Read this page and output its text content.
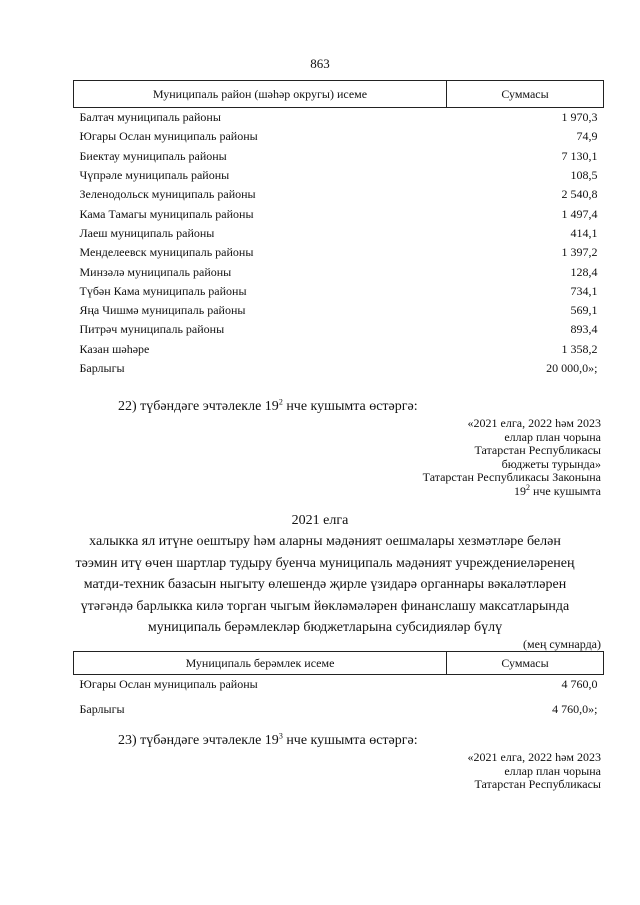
863
Муниципаль район (шәһәр округы) исеме	Суммасы
Балтач муниципаль районы	1 970,3
Югары Ослан муниципаль районы	74,9
Биектау муниципаль районы	7 130,1
Чүпрәле муниципаль районы	108,5
Зеленодольск муниципаль районы	2 540,8
Кама Тамагы муниципаль районы	1 497,4
Лаеш муниципаль районы	414,1
Менделеевск муниципаль районы	1 397,2
Минзәлә муниципаль районы	128,4
Түбән Кама муниципаль районы	734,1
Яңа Чишмә муниципаль районы	569,1
Питрәч муниципаль районы	893,4
Казан шәһәре	1 358,2
Барлыгы	20 000,0»;
22) түбәндәге эчтәлекле $19^2$ нче кушымта өстәргә:
«2021 елга, 2022 һәм 2023
еллар план чорына
Татарстан Республикасы
бюджеты турында»
Татарстан Республикасы Законына
$19^2$ нче кушымта
2021 елга
халыкка ял итүне оештыру һәм аларны мәдәният оешмалары хезмәтләре белән
тәэмин итү өчен шартлар тудыру буенча муниципаль мәдәният учреждениеләренең
матди-техник базасын ныгыту өлешендә җирле үзидарә органнары вәкаләтләрен
үтәгәндә барлыкка килә торган чыгым йөкләмәләрен финанслашу максатларында
муниципаль берәмлекләр бюджетларына субсидияләр бүлү
(мең сумнарда)
Муниципаль берәмлек исеме	Суммасы
Югары Ослан муниципаль районы	4 760,0
Барлыгы	4 760,0»;
23) түбәндәге эчтәлекле $19^3$ нче кушымта өстәргә:
«2021 елга, 2022 һәм 2023
еллар план чорына
Татарстан Республикасы
